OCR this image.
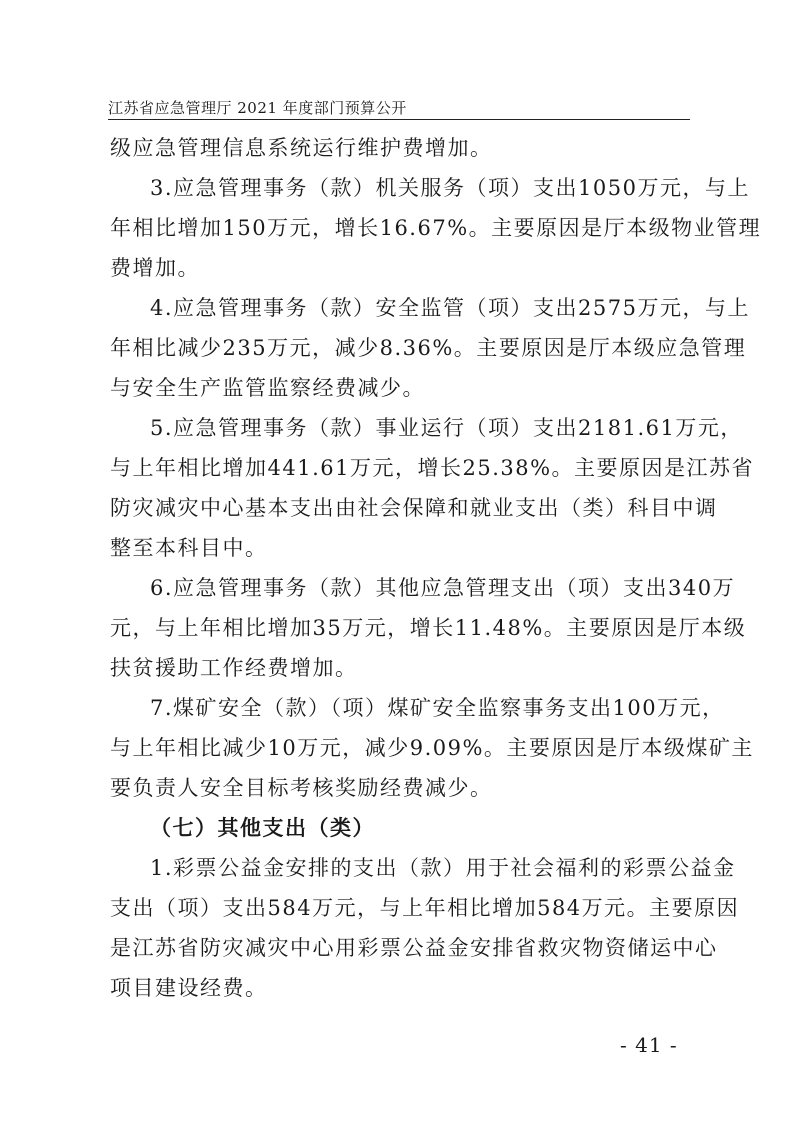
江苏省应急管理厅 2021 年度部门预算公开
级应急管理信息系统运行维护费增加。
3.应急管理事务（款）机关服务（项）支出1050万元，与上
年相比增加150万元，增长16.67%。主要原因是厅本级物业管理
费增加。
4.应急管理事务（款）安全监管（项）支出2575万元，与上
年相比减少235万元，减少8.36%。主要原因是厅本级应急管理
与安全生产监管监察经费减少。
5.应急管理事务（款）事业运行（项）支出2181.61万元，
与上年相比增加441.61万元，增长25.38%。主要原因是江苏省
防灾减灾中心基本支出由社会保障和就业支出（类）科目中调
整至本科目中。
6.应急管理事务（款）其他应急管理支出（项）支出340万
元，与上年相比增加35万元，增长11.48%。主要原因是厅本级
扶贫援助工作经费增加。
7.煤矿安全（款）（项）煤矿安全监察事务支出100万元，
与上年相比减少10万元，减少9.09%。主要原因是厅本级煤矿主
要负责人安全目标考核奖励经费减少。
（七）其他支出（类）
1.彩票公益金安排的支出（款）用于社会福利的彩票公益金
支出（项）支出584万元，与上年相比增加584万元。主要原因
是江苏省防灾减灾中心用彩票公益金安排省救灾物资储运中心
项目建设经费。
- 41 -
